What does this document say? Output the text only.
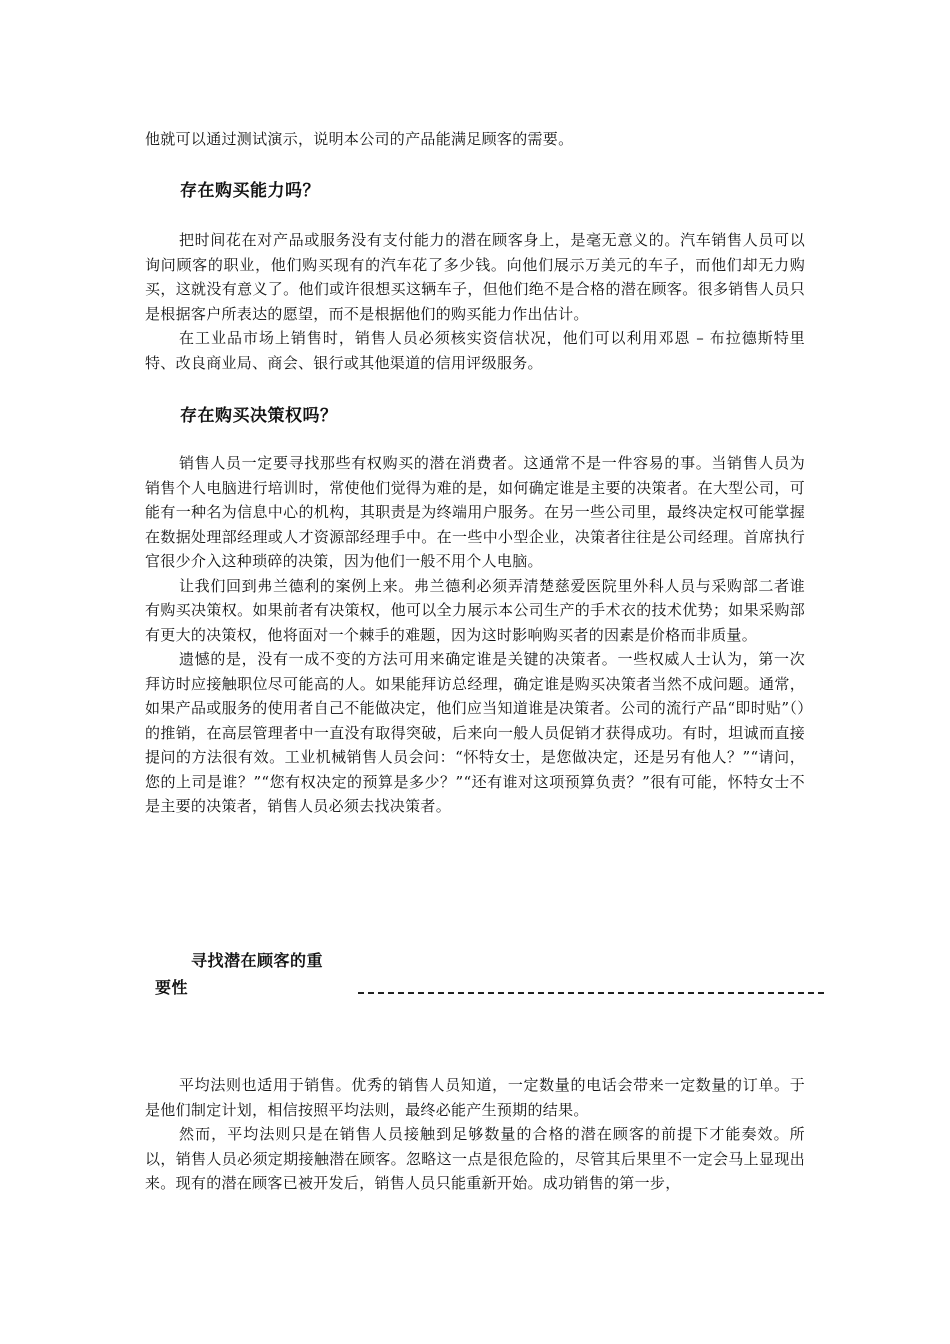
他就可以通过测试演示，说明本公司的产品能满足顾客的需要。

存在购买能力吗？

把时间花在对产品或服务没有支付能力的潜在顾客身上，是毫无意义的。汽车销售人员可以询问顾客的职业，他们购买现有的汽车花了多少钱。向他们展示万美元的车子，而他们却无力购买，这就没有意义了。他们或许很想买这辆车子，但他们绝不是合格的潜在顾客。很多销售人员只是根据客户所表达的愿望，而不是根据他们的购买能力作出估计。

在工业品市场上销售时，销售人员必须核实资信状况，他们可以利用邓恩 – 布拉德斯特里特、改良商业局、商会、银行或其他渠道的信用评级服务。

存在购买决策权吗？

销售人员一定要寻找那些有权购买的潜在消费者。这通常不是一件容易的事。当销售人员为销售个人电脑进行培训时，常使他们觉得为难的是，如何确定谁是主要的决策者。在大型公司，可能有一种名为信息中心的机构，其职责是为终端用户服务。在另一些公司里，最终决定权可能掌握在数据处理部经理或人才资源部经理手中。在一些中小型企业，决策者往往是公司经理。首席执行官很少介入这种琐碎的决策，因为他们一般不用个人电脑。

让我们回到弗兰德利的案例上来。弗兰德利必须弄清楚慈爱医院里外科人员与采购部二者谁有购买决策权。如果前者有决策权，他可以全力展示本公司生产的手术衣的技术优势；如果采购部有更大的决策权，他将面对一个棘手的难题，因为这时影响购买者的因素是价格而非质量。

遗憾的是，没有一成不变的方法可用来确定谁是关键的决策者。一些权威人士认为，第一次拜访时应接触职位尽可能高的人。如果能拜访总经理，确定谁是购买决策者当然不成问题。通常，如果产品或服务的使用者自己不能做决定，他们应当知道谁是决策者。公司的流行产品“即时贴”（）的推销，在高层管理者中一直没有取得突破，后来向一般人员促销才获得成功。有时，坦诚而直接提问的方法很有效。工业机械销售人员会问：“怀特女士，是您做决定，还是另有他人？”“请问，您的上司是谁？”“您有权决定的预算是多少？”“还有谁对这项预算负责？”很有可能，怀特女士不是主要的决策者，销售人员必须去找决策者。

寻找潜在顾客的重
要性

平均法则也适用于销售。优秀的销售人员知道，一定数量的电话会带来一定数量的订单。于是他们制定计划，相信按照平均法则，最终必能产生预期的结果。

然而，平均法则只是在销售人员接触到足够数量的合格的潜在顾客的前提下才能奏效。所以，销售人员必须定期接触潜在顾客。忽略这一点是很危险的，尽管其后果里不一定会马上显现出来。现有的潜在顾客已被开发后，销售人员只能重新开始。成功销售的第一步，
